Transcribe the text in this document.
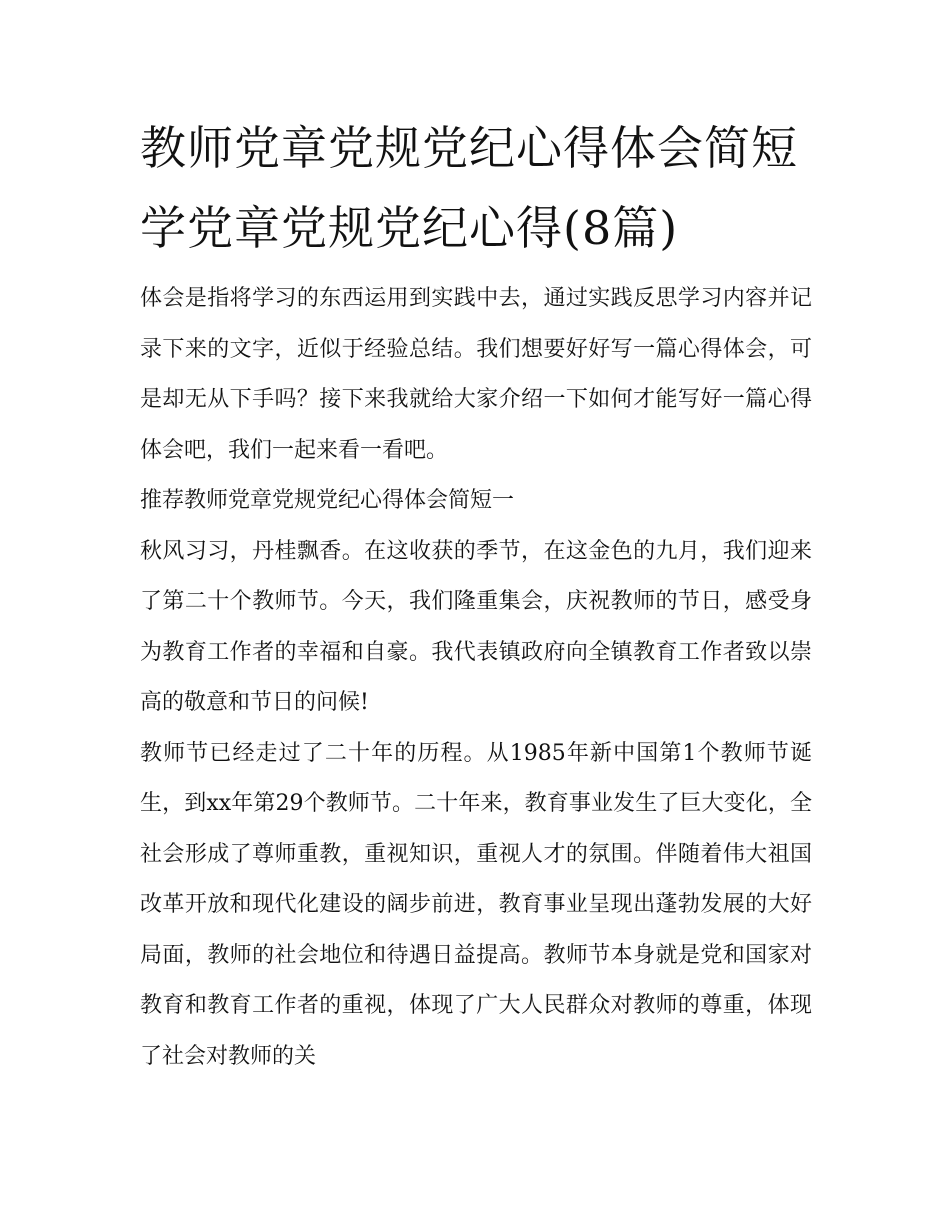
教师党章党规党纪心得体会简短 学党章党规党纪心得(8篇)

体会是指将学习的东西运用到实践中去，通过实践反思学习内容并记录下来的文字，近似于经验总结。我们想要好好写一篇心得体会，可是却无从下手吗？接下来我就给大家介绍一下如何才能写好一篇心得体会吧，我们一起来看一看吧。

推荐教师党章党规党纪心得体会简短一

秋风习习，丹桂飘香。在这收获的季节，在这金色的九月，我们迎来了第二十个教师节。今天，我们隆重集会，庆祝教师的节日，感受身为教育工作者的幸福和自豪。我代表镇政府向全镇教育工作者致以崇高的敬意和节日的问候!

教师节已经走过了二十年的历程。从1985年新中国第1个教师节诞生，到xx年第29个教师节。二十年来，教育事业发生了巨大变化，全社会形成了尊师重教，重视知识，重视人才的氛围。伴随着伟大祖国改革开放和现代化建设的阔步前进，教育事业呈现出蓬勃发展的大好局面，教师的社会地位和待遇日益提高。教师节本身就是党和国家对教育和教育工作者的重视，体现了广大人民群众对教师的尊重，体现了社会对教师的关
